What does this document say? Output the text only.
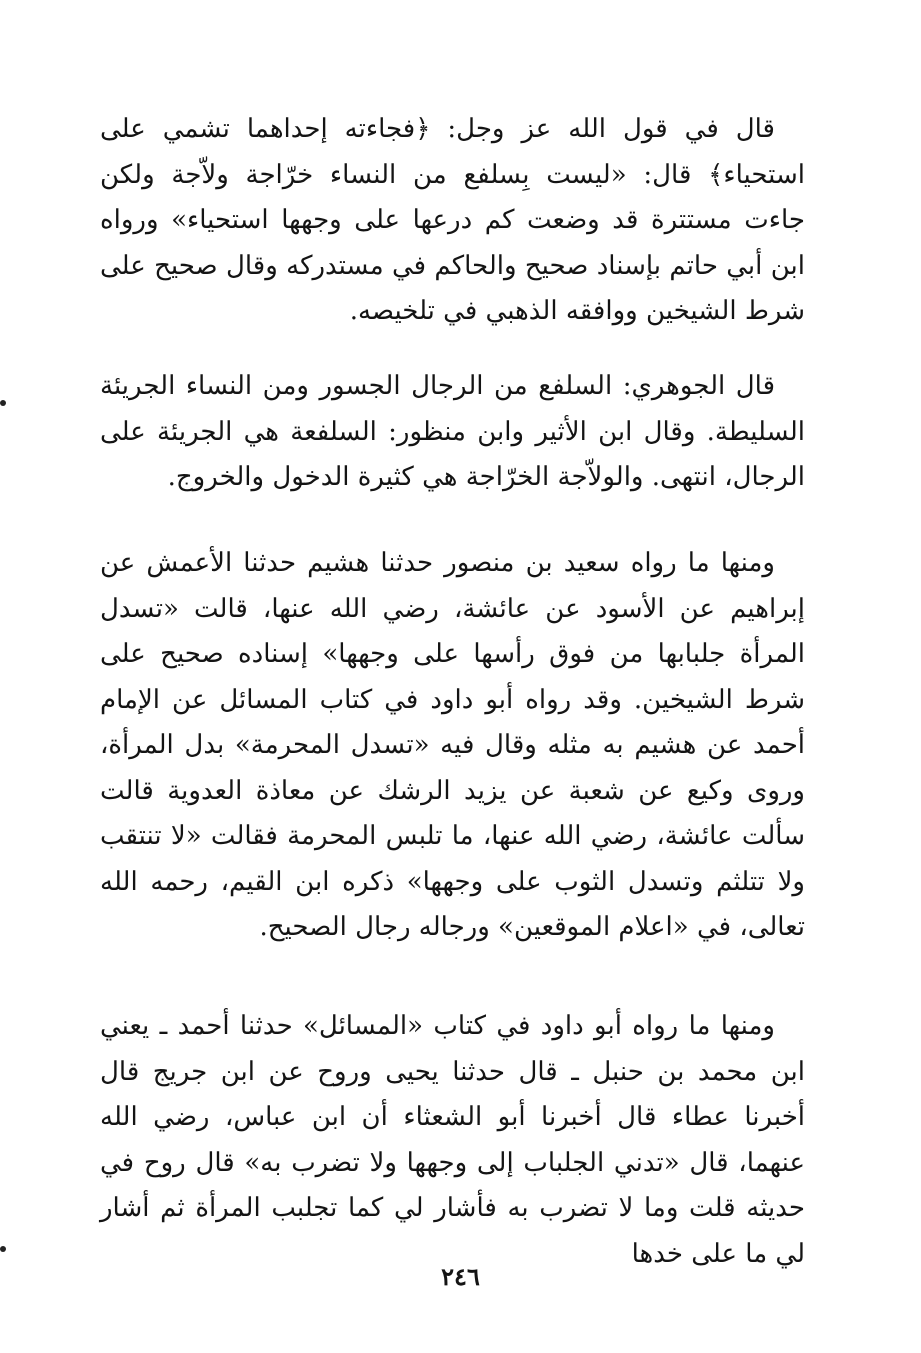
قال في قول الله عز وجل: ﴿فجاءته إحداهما تشمي على استحياء﴾ قال: «ليست بِسلفع من النساء خرّاجة ولاّجة ولكن جاءت مستترة قد وضعت كم درعها على وجهها استحياء» ورواه ابن أبي حاتم بإسناد صحيح والحاكم في مستدركه وقال صحيح على شرط الشيخين ووافقه الذهبي في تلخيصه.

قال الجوهري: السلفع من الرجال الجسور ومن النساء الجريئة السليطة. وقال ابن الأثير وابن منظور: السلفعة هي الجريئة على الرجال، انتهى. والولاّجة الخرّاجة هي كثيرة الدخول والخروج.

ومنها ما رواه سعيد بن منصور حدثنا هشيم حدثنا الأعمش عن إبراهيم عن الأسود عن عائشة، رضي الله عنها، قالت «تسدل المرأة جلبابها من فوق رأسها على وجهها» إسناده صحيح على شرط الشيخين. وقد رواه أبو داود في كتاب المسائل عن الإمام أحمد عن هشيم به مثله وقال فيه «تسدل المحرمة» بدل المرأة، وروى وكيع عن شعبة عن يزيد الرشك عن معاذة العدوية قالت سألت عائشة، رضي الله عنها، ما تلبس المحرمة فقالت «لا تنتقب ولا تتلثم وتسدل الثوب على وجهها» ذكره ابن القيم، رحمه الله تعالى، في «اعلام الموقعين» ورجاله رجال الصحيح.

ومنها ما رواه أبو داود في كتاب «المسائل» حدثنا أحمد ـ يعني ابن محمد بن حنبل ـ قال حدثنا يحيى وروح عن ابن جريج قال أخبرنا عطاء قال أخبرنا أبو الشعثاء أن ابن عباس، رضي الله عنهما، قال «تدني الجلباب إلى وجهها ولا تضرب به» قال روح في حديثه قلت وما لا تضرب به فأشار لي كما تجلبب المرأة ثم أشار لي ما على خدها

٢٤٦
